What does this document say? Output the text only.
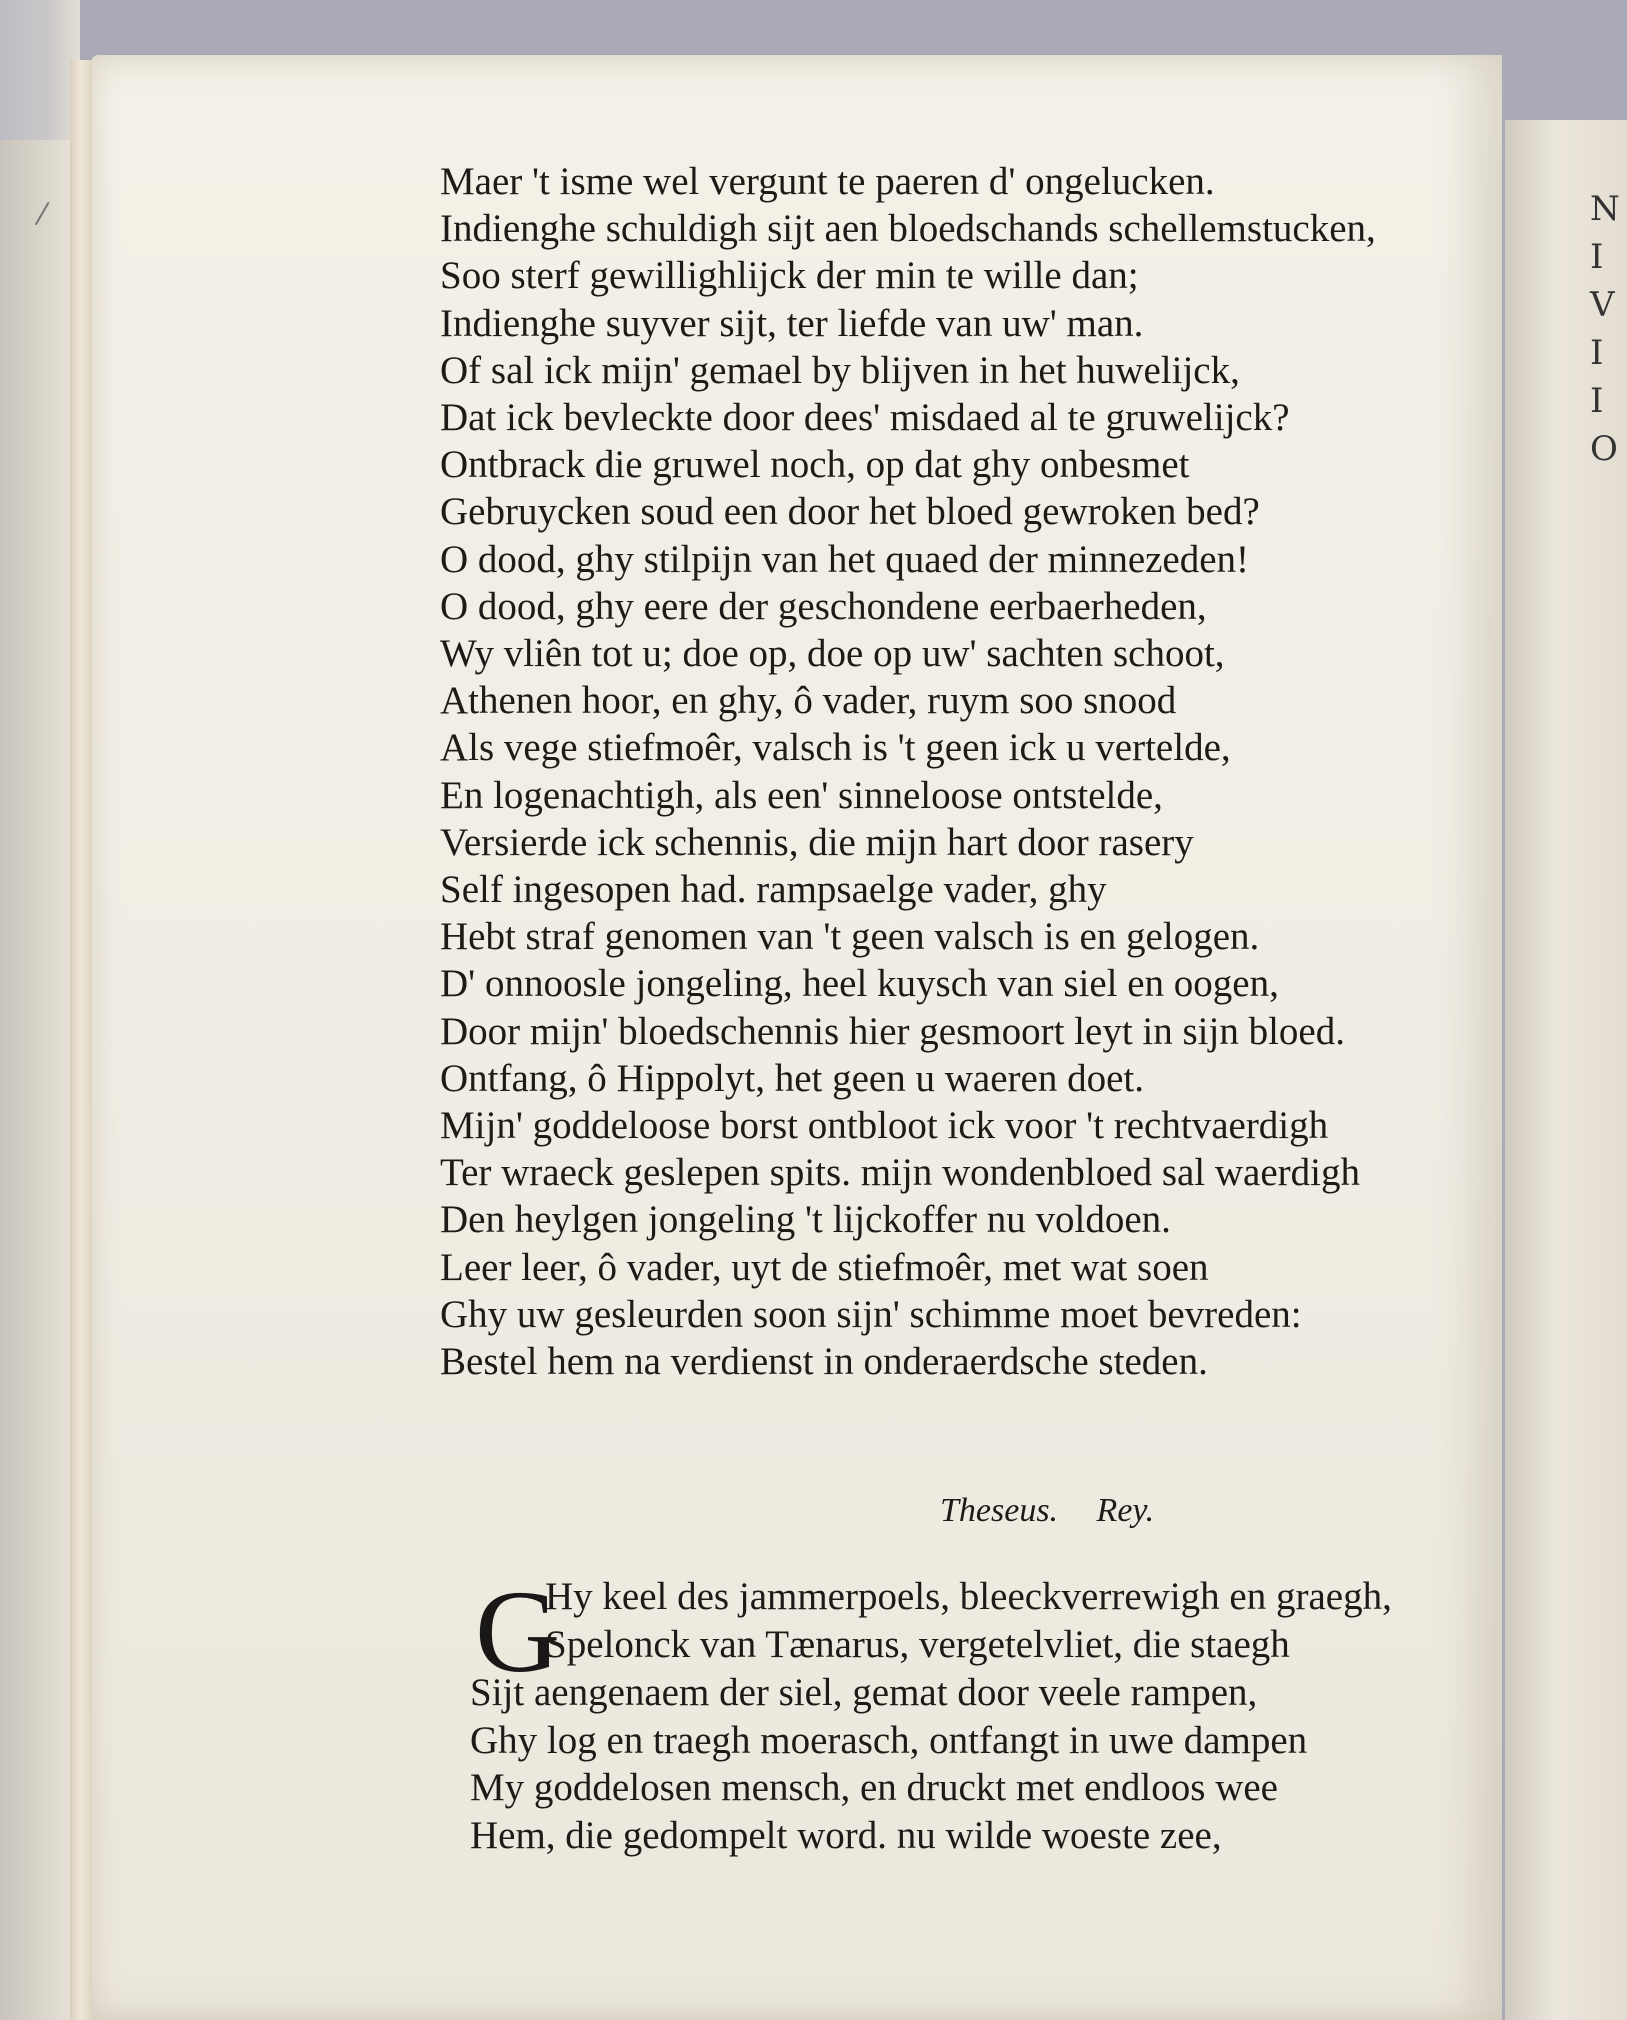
N
I
V
I
I
O
Maer 't isme wel vergunt te paeren d' ongelucken.
Indienghe schuldigh sijt aen bloedschands schellemstucken,
Soo sterf gewillighlijck der min te wille dan;
Indienghe suyver sijt, ter liefde van uw' man.
Of sal ick mijn' gemael by blijven in het huwelijck,
Dat ick bevleckte door dees' misdaed al te gruwelijck?
Ontbrack die gruwel noch, op dat ghy onbesmet
Gebruycken soud een door het bloed gewroken bed?
O dood, ghy stilpijn van het quaed der minnezeden!
O dood, ghy eere der geschondene eerbaerheden,
Wy vliên tot u; doe op, doe op uw' sachten schoot,
Athenen hoor, en ghy, ô vader, ruym soo snood
Als vege stiefmoêr, valsch is 't geen ick u vertelde,
En logenachtigh, als een' sinneloose ontstelde,
Versierde ick schennis, die mijn hart door rasery
Self ingesopen had. rampsaelge vader, ghy
Hebt straf genomen van 't geen valsch is en gelogen.
D' onnoosle jongeling, heel kuysch van siel en oogen,
Door mijn' bloedschennis hier gesmoort leyt in sijn bloed.
Ontfang, ô Hippolyt, het geen u waeren doet.
Mijn' goddeloose borst ontbloot ick voor 't rechtvaerdigh
Ter wraeck geslepen spits. mijn wondenbloed sal waerdigh
Den heylgen jongeling 't lijckoffer nu voldoen.
Leer leer, ô vader, uyt de stiefmoêr, met wat soen
Ghy uw gesleurden soon sijn' schimme moet bevreden:
Bestel hem na verdienst in onderaerdsche steden.
Theseus. Rey.
G
Hy keel des jammerpoels, bleeckverrewigh en graegh,
Spelonck van Tænarus, vergetelvliet, die staegh
Sijt aengenaem der siel, gemat door veele rampen,
Ghy log en traegh moerasch, ontfangt in uwe dampen
My goddelosen mensch, en druckt met endloos wee
Hem, die gedompelt word. nu wilde woeste zee,
